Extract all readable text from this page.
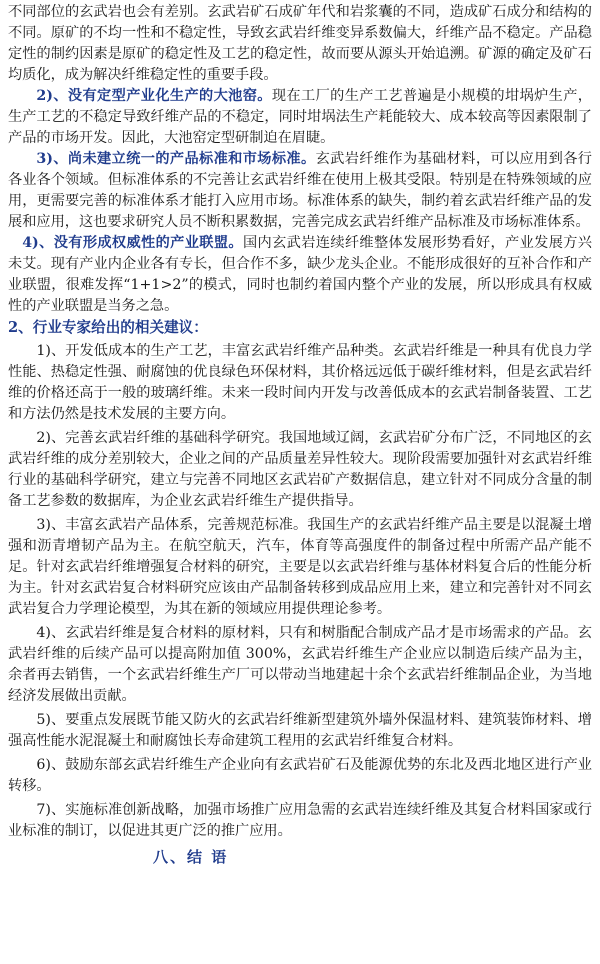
不同部位的玄武岩也会有差别。玄武岩矿石成矿年代和岩浆囊的不同，造成矿石成分和结构的不同。原矿的不均一性和不稳定性，导致玄武岩纤维变异系数偏大，纤维产品不稳定。产品稳定性的制约因素是原矿的稳定性及工艺的稳定性，故而要从源头开始追溯。矿源的确定及矿石均质化，成为解决纤维稳定性的重要手段。

2)、没有定型产业化生产的大池窑。现在工厂的生产工艺普遍是小规模的坩埚炉生产，生产工艺的不稳定导致纤维产品的不稳定，同时坩埚法生产耗能较大、成本较高等因素限制了产品的市场开发。因此，大池窑定型研制迫在眉睫。

3)、尚未建立统一的产品标准和市场标准。玄武岩纤维作为基础材料，可以应用到各行各业各个领域。但标准体系的不完善让玄武岩纤维在使用上极其受限。特别是在特殊领域的应用，更需要完善的标准体系才能打入应用市场。标准体系的缺失，制约着玄武岩纤维产品的发展和应用，这也要求研究人员不断积累数据，完善完成玄武岩纤维产品标准及市场标准体系。

4)、没有形成权威性的产业联盟。国内玄武岩连续纤维整体发展形势看好，产业发展方兴未艾。现有产业内企业各有专长，但合作不多，缺少龙头企业。不能形成很好的互补合作和产业联盟，很难发挥“1+1>2”的模式，同时也制约着国内整个产业的发展，所以形成具有权威性的产业联盟是当务之急。

2、行业专家给出的相关建议：

1)、开发低成本的生产工艺，丰富玄武岩纤维产品种类。玄武岩纤维是一种具有优良力学性能、热稳定性强、耐腐蚀的优良绿色环保材料，其价格远远低于碳纤维材料，但是玄武岩纤维的价格还高于一般的玻璃纤维。未来一段时间内开发与改善低成本的玄武岩制备装置、工艺和方法仍然是技术发展的主要方向。

2)、完善玄武岩纤维的基础科学研究。我国地域辽阔，玄武岩矿分布广泛，不同地区的玄武岩纤维的成分差别较大，企业之间的产品质量差异性较大。现阶段需要加强针对玄武岩纤维行业的基础科学研究，建立与完善不同地区玄武岩矿产数据信息，建立针对不同成分含量的制备工艺参数的数据库，为企业玄武岩纤维生产提供指导。

3)、丰富玄武岩产品体系，完善规范标准。我国生产的玄武岩纤维产品主要是以混凝土增强和沥青增韧产品为主。在航空航天，汽车，体育等高强度件的制备过程中所需产品产能不足。针对玄武岩纤维增强复合材料的研究，主要是以玄武岩纤维与基体材料复合后的性能分析为主。针对玄武岩复合材料研究应该由产品制备转移到成品应用上来，建立和完善针对不同玄武岩复合力学理论模型，为其在新的领域应用提供理论参考。

4)、玄武岩纤维是复合材料的原材料，只有和树脂配合制成产品才是市场需求的产品。玄武岩纤维的后续产品可以提高附加值 300%，玄武岩纤维生产企业应以制造后续产品为主，余者再去销售，一个玄武岩纤维生产厂可以带动当地建起十余个玄武岩纤维制品企业，为当地经济发展做出贡献。

5)、要重点发展既节能又防火的玄武岩纤维新型建筑外墙外保温材料、建筑装饰材料、增强高性能水泥混凝土和耐腐蚀长寿命建筑工程用的玄武岩纤维复合材料。

6)、鼓励东部玄武岩纤维生产企业向有玄武岩矿石及能源优势的东北及西北地区进行产业转移。

7)、实施标准创新战略，加强市场推广应用急需的玄武岩连续纤维及其复合材料国家或行业标准的制订，以促进其更广泛的推广应用。

八、结 语
